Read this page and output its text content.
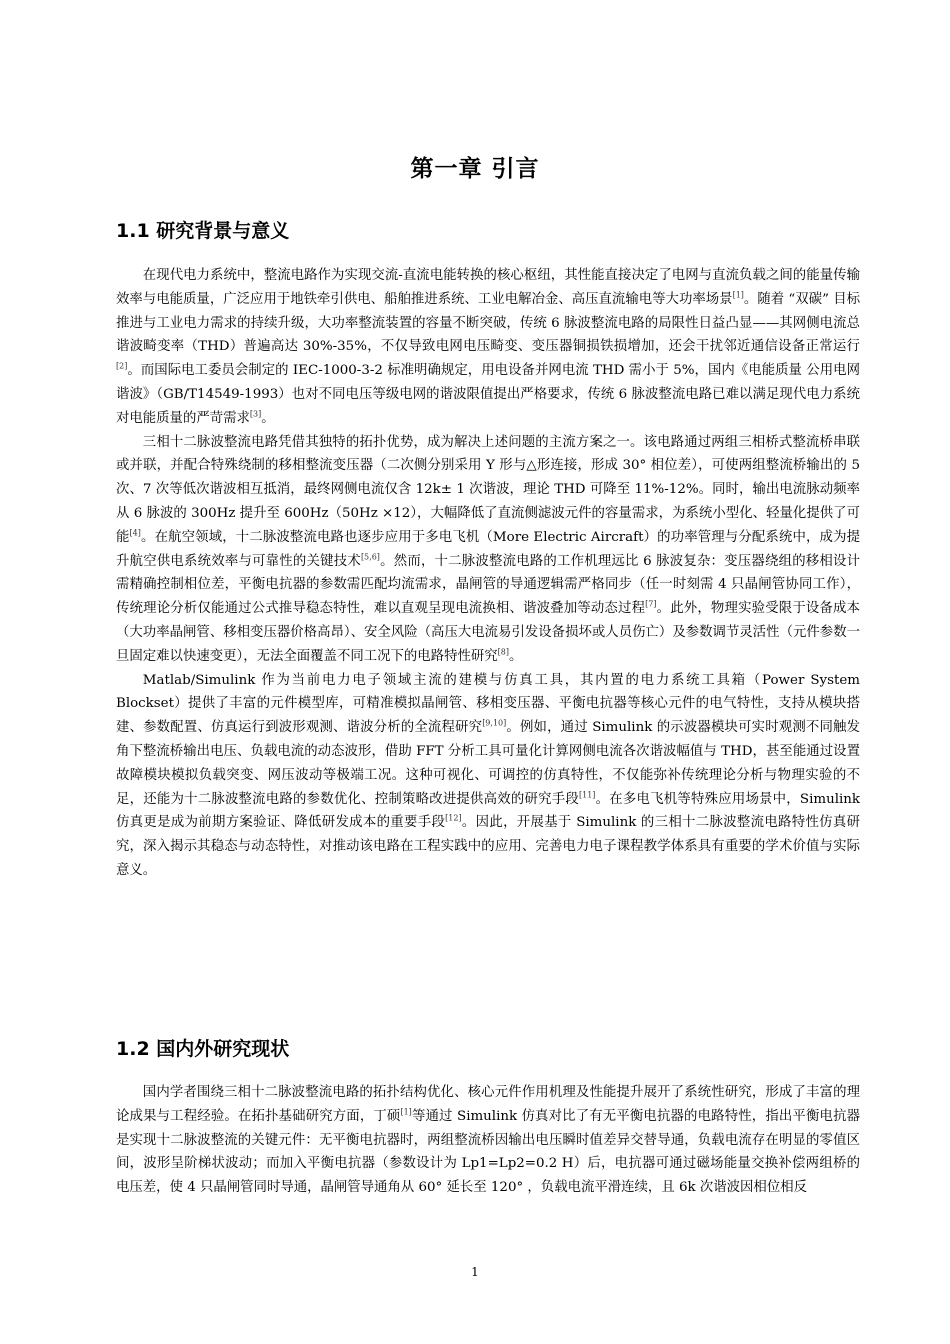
第一章 引言
1.1 研究背景与意义

在现代电力系统中，整流电路作为实现交流-直流电能转换的核心枢纽，其性能直接决定了电网与直流负载之间的能量传输效率与电能质量，广泛应用于地铁牵引供电、船舶推进系统、工业电解冶金、高压直流输电等大功率场景[1]。随着 “双碳” 目标推进与工业电力需求的持续升级，大功率整流装置的容量不断突破，传统 6 脉波整流电路的局限性日益凸显——其网侧电流总谐波畸变率（THD）普遍高达 30%-35%，不仅导致电网电压畸变、变压器铜损铁损增加，还会干扰邻近通信设备正常运行[2]。而国际电工委员会制定的 IEC-1000-3-2 标准明确规定，用电设备并网电流 THD 需小于 5%，国内《电能质量 公用电网谐波》（GB/T14549-1993）也对不同电压等级电网的谐波限值提出严格要求，传统 6 脉波整流电路已难以满足现代电力系统对电能质量的严苛需求[3]。

三相十二脉波整流电路凭借其独特的拓扑优势，成为解决上述问题的主流方案之一。该电路通过两组三相桥式整流桥串联或并联，并配合特殊绕制的移相整流变压器（二次侧分别采用 Y 形与△形连接，形成 30° 相位差），可使两组整流桥输出的 5 次、7 次等低次谐波相互抵消，最终网侧电流仅含 12k± 1 次谐波，理论 THD 可降至 11%-12%。同时，输出电流脉动频率从 6 脉波的 300Hz 提升至 600Hz（50Hz ×12），大幅降低了直流侧滤波元件的容量需求，为系统小型化、轻量化提供了可能[4]。在航空领域，十二脉波整流电路也逐步应用于多电飞机（More Electric Aircraft）的功率管理与分配系统中，成为提升航空供电系统效率与可靠性的关键技术[5,6]。然而，十二脉波整流电路的工作机理远比 6 脉波复杂：变压器绕组的移相设计需精确控制相位差，平衡电抗器的参数需匹配均流需求，晶闸管的导通逻辑需严格同步（任一时刻需 4 只晶闸管协同工作），传统理论分析仅能通过公式推导稳态特性，难以直观呈现电流换相、谐波叠加等动态过程[7]。此外，物理实验受限于设备成本（大功率晶闸管、移相变压器价格高昂）、安全风险（高压大电流易引发设备损坏或人员伤亡）及参数调节灵活性（元件参数一旦固定难以快速变更），无法全面覆盖不同工况下的电路特性研究[8]。

Matlab/Simulink 作为当前电力电子领域主流的建模与仿真工具，其内置的电力系统工具箱（Power System Blockset）提供了丰富的元件模型库，可精准模拟晶闸管、移相变压器、平衡电抗器等核心元件的电气特性，支持从模块搭建、参数配置、仿真运行到波形观测、谐波分析的全流程研究[9,10]。例如，通过 Simulink 的示波器模块可实时观测不同触发角下整流桥输出电压、负载电流的动态波形，借助 FFT 分析工具可量化计算网侧电流各次谐波幅值与 THD，甚至能通过设置故障模块模拟负载突变、网压波动等极端工况。这种可视化、可调控的仿真特性，不仅能弥补传统理论分析与物理实验的不足，还能为十二脉波整流电路的参数优化、控制策略改进提供高效的研究手段[11]。在多电飞机等特殊应用场景中，Simulink 仿真更是成为前期方案验证、降低研发成本的重要手段[12]。因此，开展基于 Simulink 的三相十二脉波整流电路特性仿真研究，深入揭示其稳态与动态特性，对推动该电路在工程实践中的应用、完善电力电子课程教学体系具有重要的学术价值与实际意义。

1.2 国内外研究现状

国内学者围绕三相十二脉波整流电路的拓扑结构优化、核心元件作用机理及性能提升展开了系统性研究，形成了丰富的理论成果与工程经验。在拓扑基础研究方面，丁硕[1]等通过 Simulink 仿真对比了有无平衡电抗器的电路特性，指出平衡电抗器是实现十二脉波整流的关键元件：无平衡电抗器时，两组整流桥因输出电压瞬时值差异交替导通，负载电流存在明显的零值区间，波形呈阶梯状波动；而加入平衡电抗器（参数设计为 Lp1=Lp2=0.2 H）后，电抗器可通过磁场能量交换补偿两组桥的电压差，使 4 只晶闸管同时导通，晶闸管导通角从 60° 延长至 120° ，负载电流平滑连续，且 6k 次谐波因相位相反

1
